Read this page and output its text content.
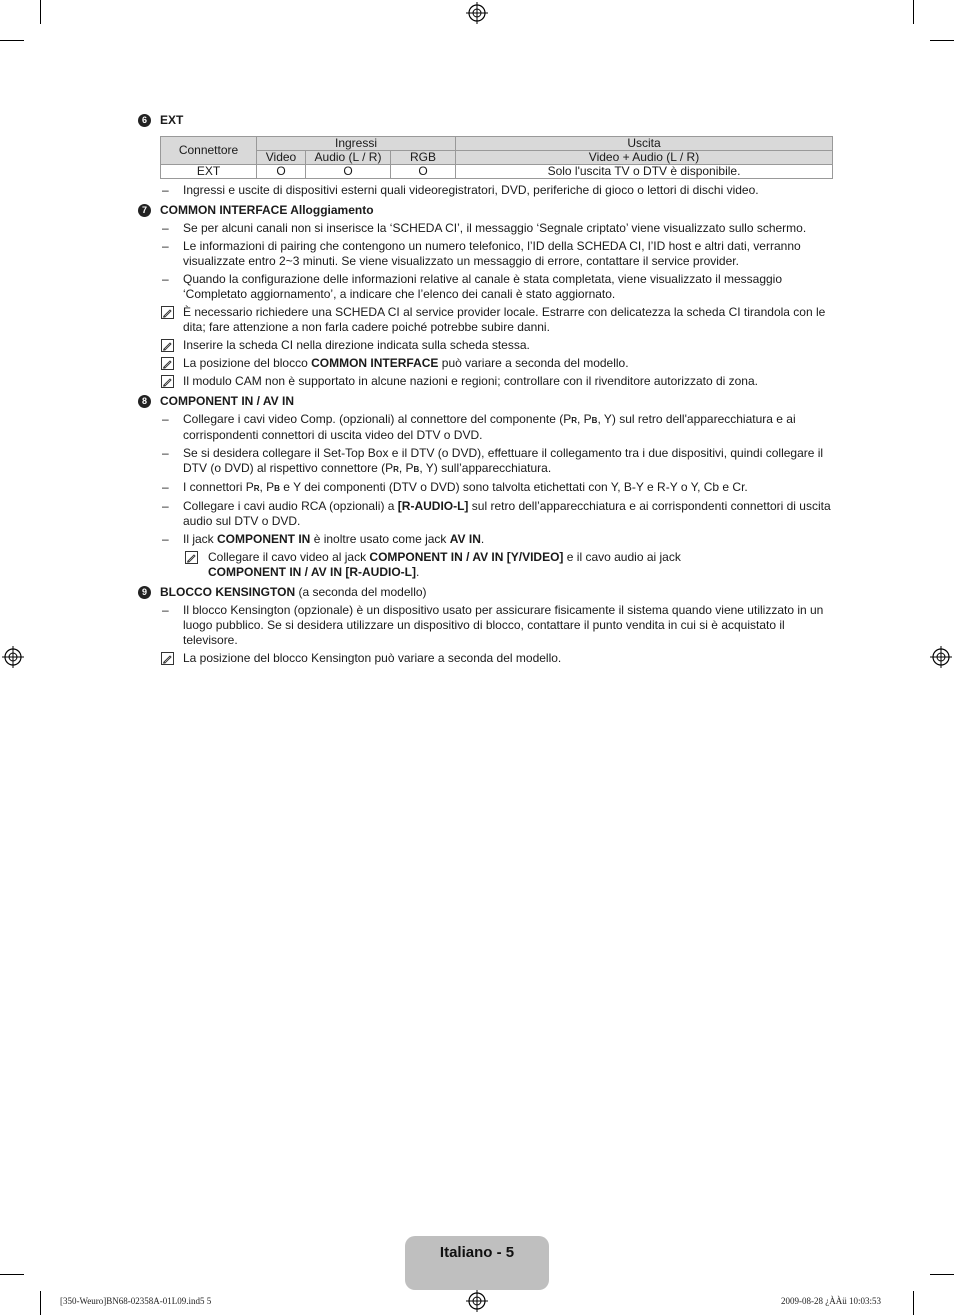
6	EXT
Connettore	Ingressi			Uscita
	Video	Audio (L / R)	RGB	Video + Audio (L / R)
EXT	O	O	O	Solo l'uscita TV o DTV è disponibile.
– Ingressi e uscite di dispositivi esterni quali videoregistratori, DVD, periferiche di gioco o lettori di dischi video.
7	COMMON INTERFACE Alloggiamento
– Se per alcuni canali non si inserisce la ‘SCHEDA CI’, il messaggio ‘Segnale criptato’ viene visualizzato sullo schermo.
– Le informazioni di pairing che contengono un numero telefonico, l’ID della SCHEDA CI, l’ID host e altri dati, verranno visualizzate entro 2~3 minuti. Se viene visualizzato un messaggio di errore, contattare il service provider.
– Quando la configurazione delle informazioni relative al canale è stata completata, viene visualizzato il messaggio ‘Completato aggiornamento’, a indicare che l’elenco dei canali è stato aggiornato.
È necessario richiedere una SCHEDA CI al service provider locale. Estrarre con delicatezza la scheda CI tirandola con le dita; fare attenzione a non farla cadere poiché potrebbe subire danni.
Inserire la scheda CI nella direzione indicata sulla scheda stessa.
La posizione del blocco COMMON INTERFACE può variare a seconda del modello.
Il modulo CAM non è supportato in alcune nazioni e regioni; controllare con il rivenditore autorizzato di zona.
8	COMPONENT IN / AV IN
– Collegare i cavi video Comp. (opzionali) al connettore del componente (PR, PB, Y) sul retro dell'apparecchiatura e ai corrispondenti connettori di uscita video del DTV o DVD.
– Se si desidera collegare il Set-Top Box e il DTV (o DVD), effettuare il collegamento tra i due dispositivi, quindi collegare il DTV (o DVD) al rispettivo connettore (PR, PB, Y) sull’apparecchiatura.
– I connettori PR, PB e Y dei componenti (DTV o DVD) sono talvolta etichettati con Y, B-Y e R-Y o Y, Cb e Cr.
– Collegare i cavi audio RCA (opzionali) a [R-AUDIO-L] sul retro dell’apparecchiatura e ai corrispondenti connettori di uscita audio sul DTV o DVD.
– Il jack COMPONENT IN è inoltre usato come jack AV IN.
Collegare il cavo video al jack COMPONENT IN / AV IN [Y/VIDEO] e il cavo audio ai jack
COMPONENT IN / AV IN [R-AUDIO-L].
9	BLOCCO KENSINGTON (a seconda del modello)
– Il blocco Kensington (opzionale) è un dispositivo usato per assicurare fisicamente il sistema quando viene utilizzato in un luogo pubblico. Se si desidera utilizzare un dispositivo di blocco, contattare il punto vendita in cui si è acquistato il televisore.
La posizione del blocco Kensington può variare a seconda del modello.
Italiano - 5
[350-Weuro]BN68-02358A-01L09.ind5 5	2009-08-28 ¿ÀÀü 10:03:53
